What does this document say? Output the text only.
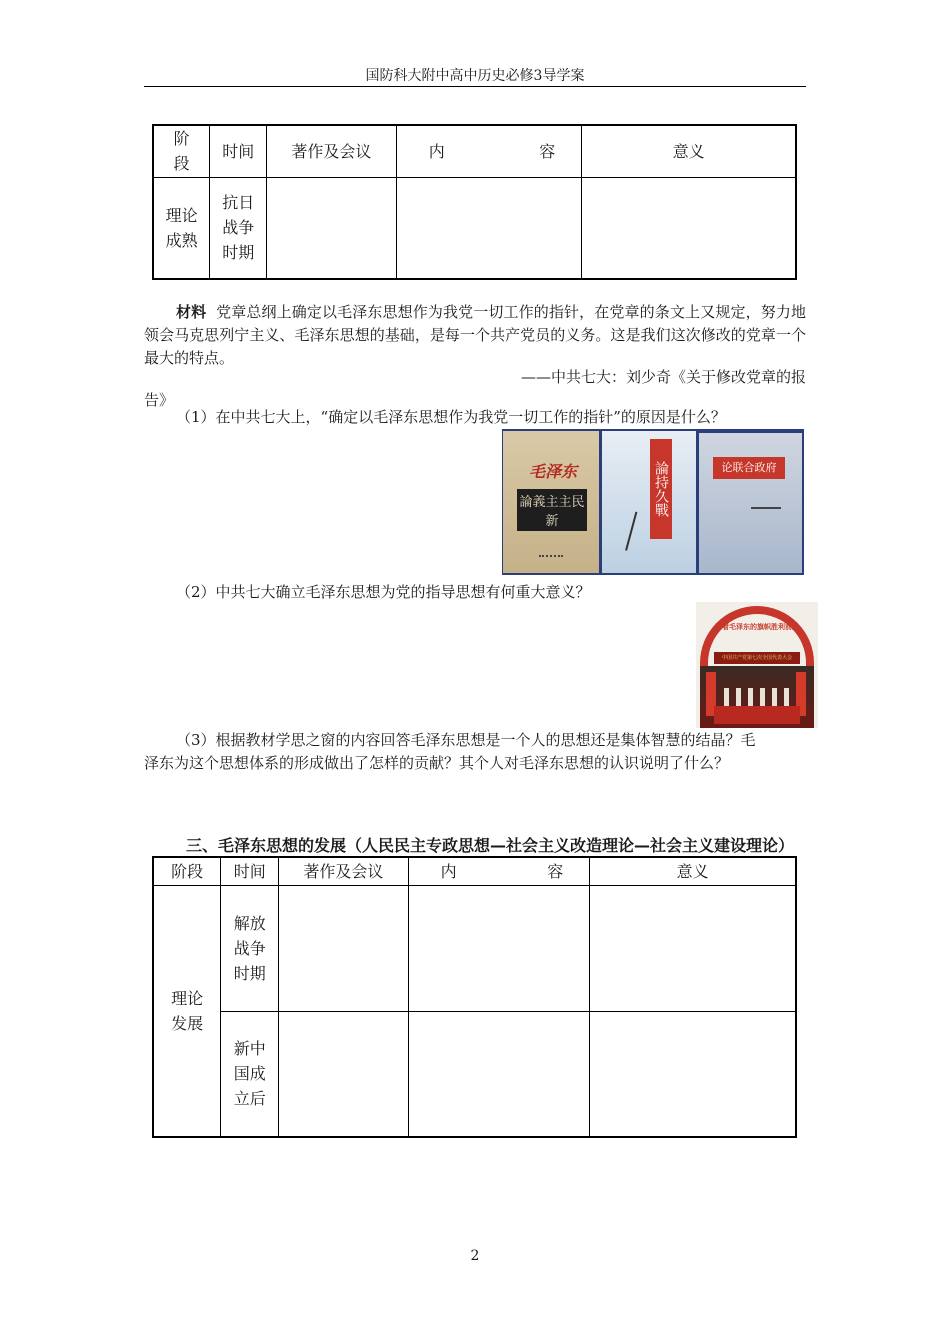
国防科大附中高中历史必修3导学案
阶
段	时间	著作及会议	内 容	意义
理论
成熟	抗日
战争
时期			
材料 党章总纲上确定以毛泽东思想作为我党一切工作的指针，在党章的条文上又规定，努力地领会马克思列宁主义、毛泽东思想的基础，是每一个共产党员的义务。这是我们这次修改的党章一个最大的特点。
——中共七大：刘少奇《关于修改党章的报
告》
（1）在中共七大上，“确定以毛泽东思想作为我党一切工作的指针”的原因是什么？
毛泽东
論義主主民新
論持久戰	论联合政府
（2）中共七大确立毛泽东思想为党的指导思想有何重大意义？
沿着毛泽东的旗帜胜利前进
中国共产党第七次全国代表大会
（3）根据教材学思之窗的内容回答毛泽东思想是一个人的思想还是集体智慧的结晶？毛
泽东为这个思想体系的形成做出了怎样的贡献？其个人对毛泽东思想的认识说明了什么？
三、毛泽东思想的发展（人民民主专政思想—社会主义改造理论—社会主义建设理论）
阶段	时间	著作及会议	内 容	意义
理论
发展	解放
战争
时期			
	新中
国成
立后			
2
